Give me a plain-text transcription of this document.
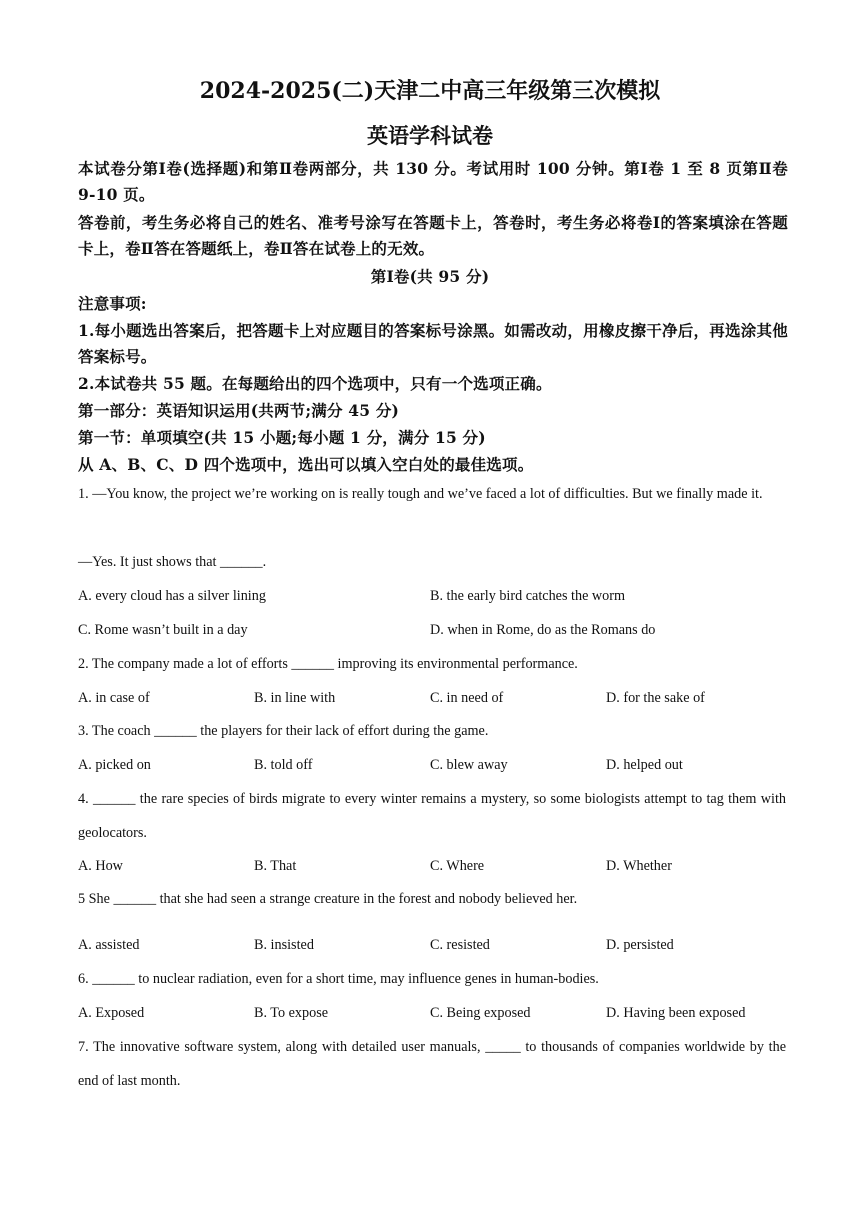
2024-2025(二)天津二中高三年级第三次模拟
英语学科试卷
本试卷分第Ⅰ卷(选择题)和第Ⅱ卷两部分，共 130 分。考试用时 100 分钟。第Ⅰ卷 1 至 8 页第Ⅱ卷 9-10 页。
答卷前，考生务必将自己的姓名、准考号涂写在答题卡上，答卷时，考生务必将卷Ⅰ的答案填涂在答题卡上，卷Ⅱ答在答题纸上，卷Ⅱ答在试卷上的无效。
第Ⅰ卷(共 95 分)
注意事项:
1.每小题选出答案后，把答题卡上对应题目的答案标号涂黑。如需改动，用橡皮擦干净后，再选涂其他答案标号。
2.本试卷共 55 题。在每题给出的四个选项中，只有一个选项正确。
第一部分：英语知识运用(共两节;满分 45 分)
第一节：单项填空(共 15 小题;每小题 1 分，满分 15 分)
从 A、B、C、D 四个选项中，选出可以填入空白处的最佳选项。
1. —You know, the project we’re working on is really tough and we’ve faced a lot of difficulties. But we finally made it.
—Yes. It just shows that ______.
A. every cloud has a silver lining	B. the early bird catches the worm
C. Rome wasn’t built in a day	D. when in Rome, do as the Romans do
2. The company made a lot of efforts ______ improving its environmental performance.
A. in case of	B. in line with	C. in need of	D. for the sake of
3. The coach ______ the players for their lack of effort during the game.
A. picked on	B. told off	C. blew away	D. helped out
4. ______ the rare species of birds migrate to every winter remains a mystery, so some biologists attempt to tag them with geolocators.
A. How	B. That	C. Where	D. Whether
5 She ______ that she had seen a strange creature in the forest and nobody believed her.
A. assisted	B. insisted	C. resisted	D. persisted
6. ______ to nuclear radiation, even for a short time, may influence genes in human-bodies.
A. Exposed	B. To expose	C. Being exposed	D. Having been exposed
7. The innovative software system, along with detailed user manuals, _____ to thousands of companies worldwide by the end of last month.
